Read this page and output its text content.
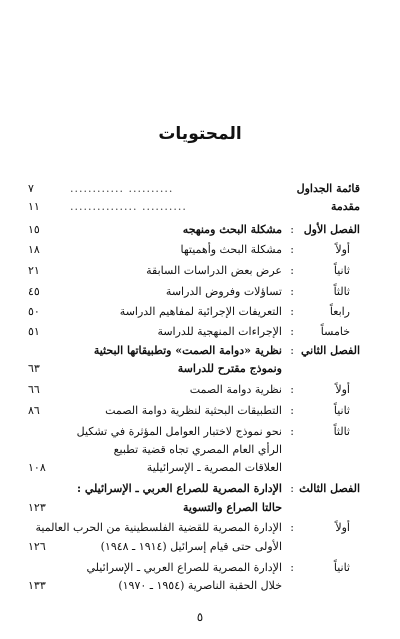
المحتويات
قائمة الجداول
.......... ............
٧
مقدمة
.......... ...............
١١
الفصل الأول
:
مشكلة البحث ومنهجه
١٥
أولاً
:
مشكلة البحث وأهميتها
١٨
ثانياً
:
عرض بعض الدراسات السابقة
٢١
ثالثاً
:
تساؤلات وفروض الدراسة
٤٥
رابعاً
:
التعريفات الإجرائية لمفاهيم الدراسة
٥٠
خامساً
:
الإجراءات المنهجية للدراسة
٥١
الفصل الثاني
:
نظرية «دوامة الصمت» وتطبيقاتها البحثية
ونموذج مقترح للدراسة
٦٣
أولاً
:
نظرية دوامة الصمت
٦٦
ثانياً
:
التطبيقات البحثية لنظرية دوامة الصمت
٨٦
ثالثاً
:
نحو نموذج لاختبار العوامل المؤثرة في تشكيل
الرأي العام المصري تجاه قضية تطبيع
العلاقات المصرية ـ الإسرائيلية
١٠٨
الفصل الثالث
:
الإدارة المصرية للصراع العربي ـ الإسرائيلي :
حالتا الصراع والتسوية
١٢٣
أولاً
:
الإدارة المصرية للقضية الفلسطينية من الحرب العالمية
الأولى حتى قيام إسرائيل (١٩١٤ ـ ١٩٤٨)
١٢٦
ثانياً
:
الإدارة المصرية للصراع العربي ـ الإسرائيلي
خلال الحقبة الناصرية (١٩٥٤ ـ ١٩٧٠)
١٣٣
٥
